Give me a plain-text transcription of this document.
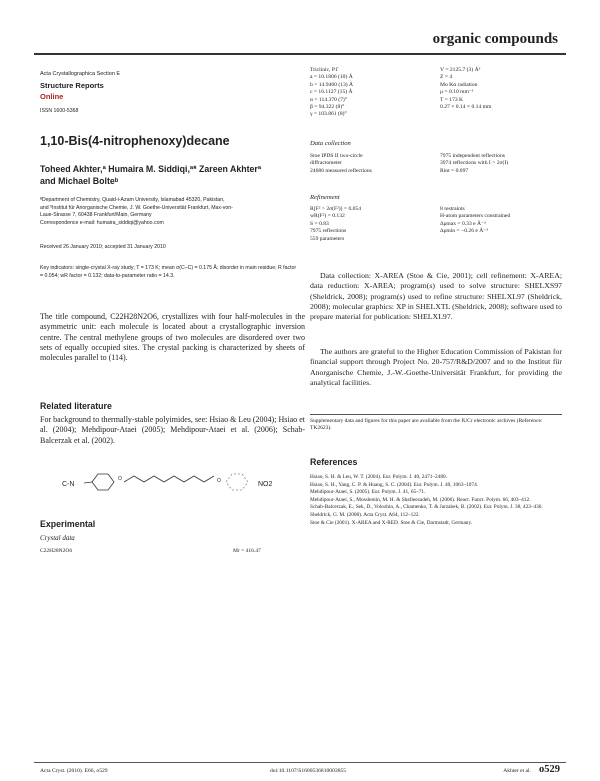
organic compounds
Acta Crystallographica Section E
Structure Reports
Online
ISSN 1600-5368
1,10-Bis(4-nitrophenoxy)decane
Toheed Akhter,ª Humaira M. Siddiqi,ª* Zareen Akhterª
and Michael Bolteᵇ
ªDepartment of Chemistry, Quaid-i-Azam University, Islamabad 45320, Pakistan,
and ᵇInstitut für Anorganische Chemie, J. W. Goethe-Universität Frankfurt, Max-von-
Laue-Strasse 7, 60438 Frankfurt/Main, Germany
Correspondence e-mail: humaira_siddiqi@yahoo.com
Received 26 January 2010; accepted 31 January 2010
Key indicators: single-crystal X-ray study; T = 173 K; mean σ(C–C) = 0.175 Å; disorder in main residue; R factor = 0.054; wR factor = 0.132; data-to-parameter ratio = 14.3.
The title compound, C22H28N2O6, crystallizes with four half-molecules in the asymmetric unit: each molecule is located about a crystallographic inversion centre. The central methylene groups of two molecules are disordered over two sets of equally occupied sites. The crystal packing is characterized by sheets of molecules parallel to (114).
Related literature
For background to thermally-stable polyimides, see: Hsiao & Leu (2004); Hsiao et al. (2004); Mehdipour-Ataei (2005); Mehdipour-Ataei et al. (2006); Schab-Balcerzak et al. (2002).
C-N
O	O	NO2
Experimental
Crystal data
C22H28N2O6	Mr = 416.47
Triclinic, P1̄
a = 10.1806 (10) Å
b = 14.9460 (13) Å
c = 16.1127 (15) Å
α = 114.370 (7)°
β = 94.322 (8)°
γ = 103.861 (8)°
V = 2125.7 (3) Å³
Z = 4
Mo Kα radiation
μ = 0.10 mm⁻¹
T = 173 K
0.27 × 0.14 × 0.14 mm
Data collection
Stoe IPDS II two-circle
diffractometer
24686 measured reflections
7975 independent reflections
3974 reflections with I > 2σ(I)
Rint = 0.097
Refinement
R[F² > 2σ(F²)] = 0.054
wR(F²) = 0.132
S = 0.83
7975 reflections
559 parameters
8 restraints
H-atom parameters constrained
Δρmax = 0.33 e Å⁻³
Δρmin = −0.26 e Å⁻³
Data collection: X-AREA (Stoe & Cie, 2001); cell refinement: X-AREA; data reduction: X-AREA; program(s) used to solve structure: SHELXS97 (Sheldrick, 2008); program(s) used to refine structure: SHELXL97 (Sheldrick, 2008); molecular graphics: XP in SHELXTL (Sheldrick, 2008); software used to prepare material for publication: SHELXL97.
The authors are grateful to the Higher Education Commission of Pakistan for financial support through Project No. 20-757/R&D/2007 and to the Institut für Anorganische Chemie, J.-W.-Goethe-Universität Frankfurt, for providing the analytical facilities.
Supplementary data and figures for this paper are available from the IUCr electronic archives (Reference: TK2623).
References
Hsiao, S. H. & Leu, W. T. (2004). Eur. Polym. J. 40, 2471–2480.
Hsiao, S. H., Yang, C. P. & Huang, S. C. (2004). Eur. Polym. J. 40, 1063–1074.
Mehdipour-Ataei, S. (2005). Eur. Polym. J. 41, 65–71.
Mehdipour-Ataei, S., Mosslemin, M. H. & Shafieezadeh, M. (2006). React. Funct. Polym. 66, 403–412.
Schab-Balcerzak, E., Sek, D., Volozhin, A., Chamenko, T. & Jarzabek, B. (2002). Eur. Polym. J. 38, 423–430.
Sheldrick, G. M. (2008). Acta Cryst. A64, 112–122.
Stoe & Cie (2001). X-AREA and X-RED. Stoe & Cie, Darmstadt, Germany.
Acta Cryst. (2010). E66, o529	doi:10.1107/S1600536810003855	Akhter et al. o529
